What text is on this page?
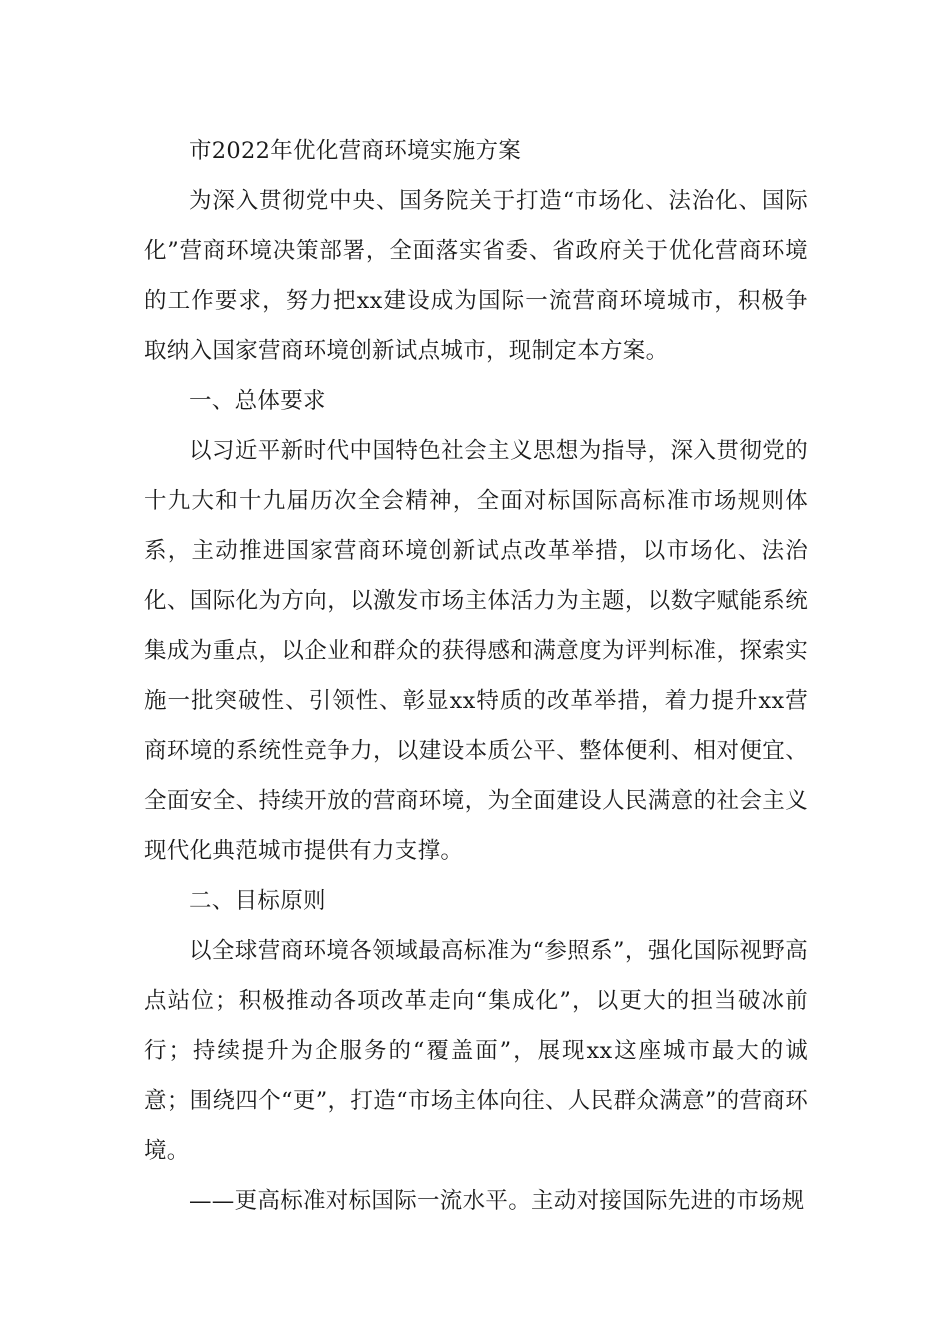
市2022年优化营商环境实施方案

为深入贯彻党中央、国务院关于打造“市场化、法治化、国际化”营商环境决策部署，全面落实省委、省政府关于优化营商环境的工作要求，努力把xx建设成为国际一流营商环境城市，积极争取纳入国家营商环境创新试点城市，现制定本方案。

一、总体要求

以习近平新时代中国特色社会主义思想为指导，深入贯彻党的十九大和十九届历次全会精神，全面对标国际高标准市场规则体系，主动推进国家营商环境创新试点改革举措，以市场化、法治化、国际化为方向，以激发市场主体活力为主题，以数字赋能系统集成为重点，以企业和群众的获得感和满意度为评判标准，探索实施一批突破性、引领性、彰显xx特质的改革举措，着力提升xx营商环境的系统性竞争力，以建设本质公平、整体便利、相对便宜、全面安全、持续开放的营商环境，为全面建设人民满意的社会主义现代化典范城市提供有力支撑。

二、目标原则

以全球营商环境各领域最高标准为“参照系”，强化国际视野高点站位；积极推动各项改革走向“集成化”，以更大的担当破冰前行；持续提升为企服务的“覆盖面”，展现xx这座城市最大的诚意；围绕四个“更”，打造“市场主体向往、人民群众满意”的营商环境。

——更高标准对标国际一流水平。主动对接国际先进的市场规
